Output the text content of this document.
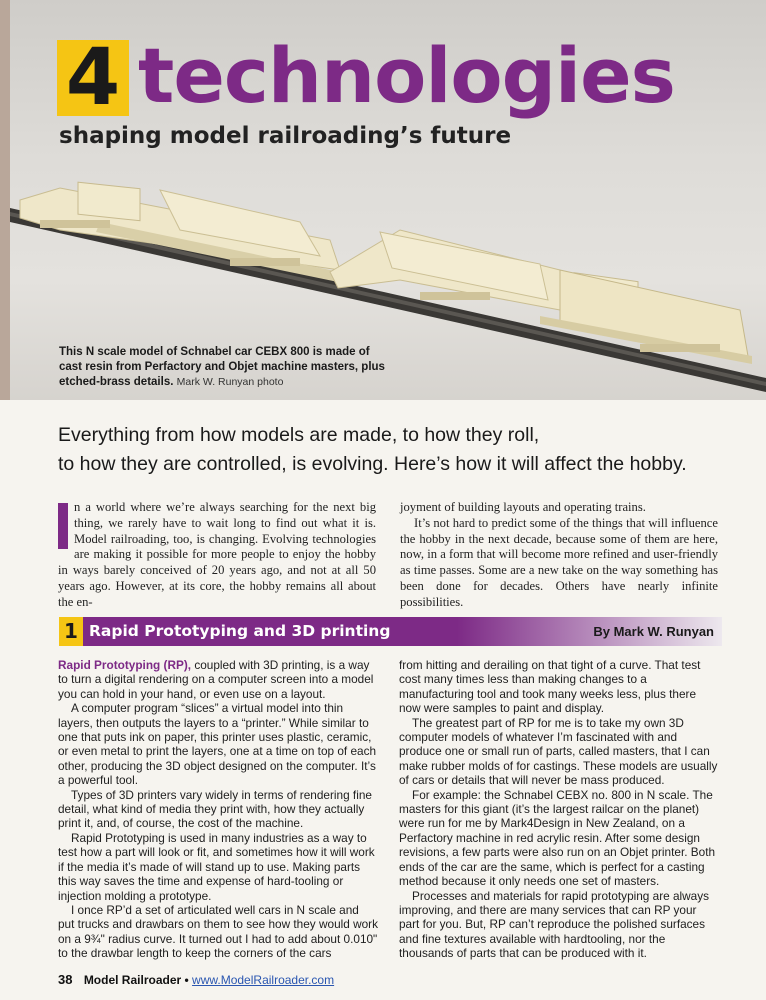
4 technologies
shaping model railroading’s future
This N scale model of Schnabel car CEBX 800 is made of cast resin from Perfactory and Objet machine masters, plus etched-brass details. Mark W. Runyan photo
Everything from how models are made, to how they roll,
to how they are controlled, is evolving. Here’s how it will affect the hobby.
n a world where we’re always searching for the next big thing, we rarely have to wait long to find out what it is. Model railroading, too, is changing. Evolving technologies are making it possible for more people to enjoy the hobby in ways barely conceived of 20 years ago, and not at all 50 years ago. However, at its core, the hobby remains all about the en-
joyment of building layouts and operating trains.
It’s not hard to predict some of the things that will influence the hobby in the next decade, because some of them are here, now, in a form that will become more refined and user-friendly as time passes. Some are a new take on the way something has been done for decades. Others have nearly infinite possibilities.
1 Rapid Prototyping and 3D printing	By Mark W. Runyan

Rapid Prototyping (RP), coupled with 3D printing, is a way to turn a digital rendering on a computer screen into a model you can hold in your hand, or even use on a layout.

A computer program “slices” a virtual model into thin layers, then outputs the layers to a “printer.” While similar to one that puts ink on paper, this printer uses plastic, ceramic, or even metal to print the layers, one at a time on top of each other, producing the 3D object designed on the computer. It’s a powerful tool.

Types of 3D printers vary widely in terms of rendering fine detail, what kind of media they print with, how they actually print it, and, of course, the cost of the machine.

Rapid Prototyping is used in many industries as a way to test how a part will look or fit, and sometimes how it will work if the media it’s made of will stand up to use. Making parts this way saves the time and expense of hard-tooling or injection molding a prototype.

I once RP’d a set of articulated well cars in N scale and put trucks and drawbars on them to see how they would work on a 9¾" radius curve. It turned out I had to add about 0.010" to the drawbar length to keep the corners of the cars

from hitting and derailing on that tight of a curve. That test cost many times less than making changes to a manufacturing tool and took many weeks less, plus there now were samples to paint and display.

The greatest part of RP for me is to take my own 3D computer models of whatever I’m fascinated with and produce one or small run of parts, called masters, that I can make rubber molds of for castings. These models are usually of cars or details that will never be mass produced.

For example: the Schnabel CEBX no. 800 in N scale. The masters for this giant (it’s the largest railcar on the planet) were run for me by Mark4Design in New Zealand, on a Perfactory machine in red acrylic resin. After some design revisions, a few parts were also run on an Objet printer. Both ends of the car are the same, which is perfect for a casting method because it only needs one set of masters.

Processes and materials for rapid prototyping are always improving, and there are many services that can RP your part for you. But, RP can’t reproduce the polished surfaces and fine textures available with hardtooling, nor the thousands of parts that can be produced with it.

38 Model Railroader • www.ModelRailroader.com
